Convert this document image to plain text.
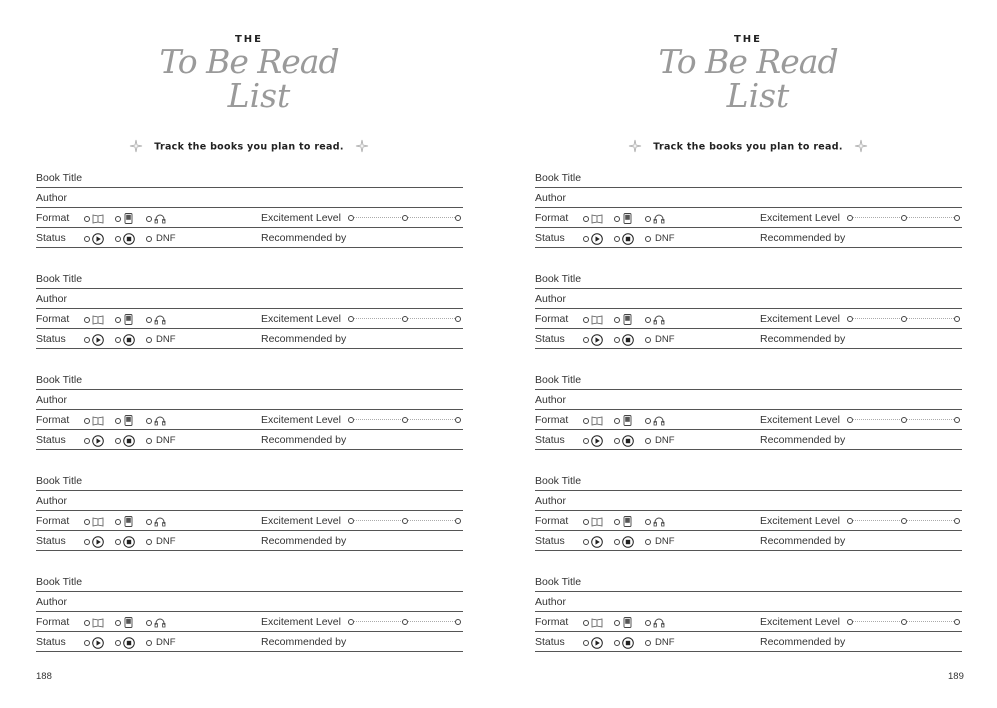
THE
To Be Read
List
Track the books you plan to read.
Book Title
Author
Format	Excitement Level
Status	DNF	Recommended by
Book Title
Author
Format	Excitement Level
Status	DNF	Recommended by
Book Title
Author
Format	Excitement Level
Status	DNF	Recommended by
Book Title
Author
Format	Excitement Level
Status	DNF	Recommended by
Book Title
Author
Format	Excitement Level
Status	DNF	Recommended by
188
THE
To Be Read
List
Track the books you plan to read.
Book Title
Author
Format	Excitement Level
Status	DNF	Recommended by
Book Title
Author
Format	Excitement Level
Status	DNF	Recommended by
Book Title
Author
Format	Excitement Level
Status	DNF	Recommended by
Book Title
Author
Format	Excitement Level
Status	DNF	Recommended by
Book Title
Author
Format	Excitement Level
Status	DNF	Recommended by
189
